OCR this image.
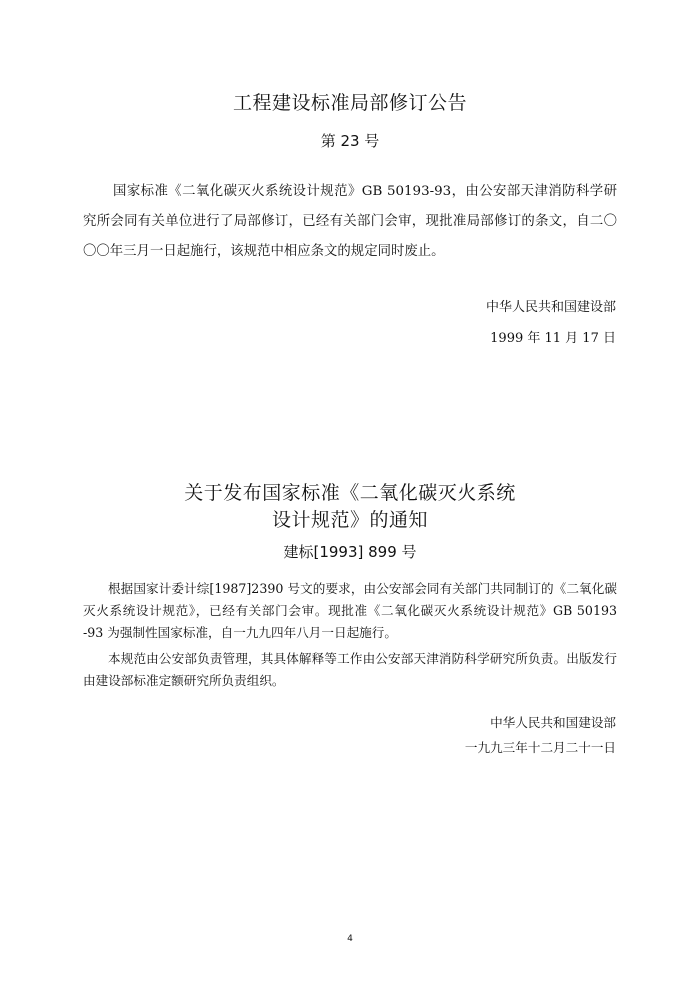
工程建设标准局部修订公告
第 23 号
国家标准《二氧化碳灭火系统设计规范》GB 50193-93，由公安部天津消防科学研究所会同有关单位进行了局部修订，已经有关部门会审，现批准局部修订的条文，自二〇〇〇年三月一日起施行，该规范中相应条文的规定同时废止。
中华人民共和国建设部
1999 年 11 月 17 日
关于发布国家标准《二氧化碳灭火系统
设计规范》的通知
建标[1993] 899 号
根据国家计委计综[1987]2390 号文的要求，由公安部会同有关部门共同制订的《二氧化碳灭火系统设计规范》，已经有关部门会审。现批准《二氧化碳灭火系统设计规范》GB 50193 -93 为强制性国家标准，自一九九四年八月一日起施行。
本规范由公安部负责管理，其具体解释等工作由公安部天津消防科学研究所负责。出版发行由建设部标准定额研究所负责组织。
中华人民共和国建设部
一九九三年十二月二十一日
4
